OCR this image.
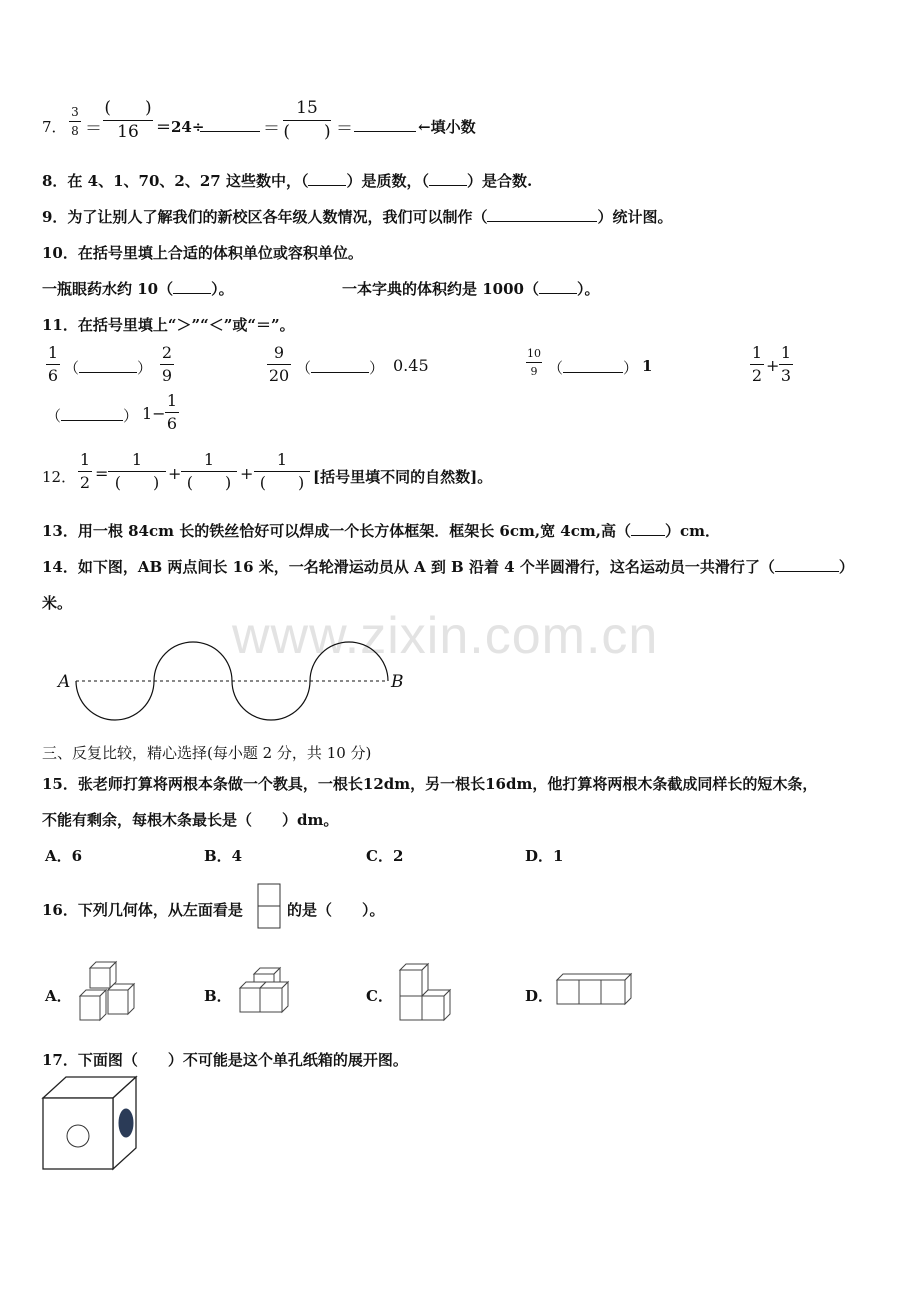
www.zixin.com.cn
7．
3
8 ＝
(　　)
16	＝24÷	＝
15
(　　) ＝	←填小数
8．在 4、1、70、2、27 这些数中，（	）是质数，（	）是合数.
9．为了让别人了解我们的新校区各年级人数情况，我们可以制作（	）统计图。
10．在括号里填上合适的体积单位或容积单位。
一瓶眼药水约 10（	）。	一本字典的体积约是 1000（	）。
11．在括号里填上“＞”“＜”或“＝”。
1
6 （	）
2
9
9
20 （	） 0.45
10
9 （	） 1
1
2
+
1
3
（	） 1−
1
6
12．
1
2 =
1
(　　) +
1
(　　) +
1
(　　) [括号里填不同的自然数]。
13．用一根 84cm 长的铁丝恰好可以焊成一个长方体框架．框架长 6cm,宽 4cm,高（ ）cm．
14．如下图，AB 两点间长 16 米，一名轮滑运动员从 A 到 B 沿着 4 个半圆滑行，这名运动员一共滑行了（	）
米。
A	B
三、反复比较，精心选择(每小题 2 分，共 10 分)
15．张老师打算将两根本条做一个教具，一根长12dm，另一根长16dm，他打算将两根木条截成同样长的短木条，
不能有剩余，每根木条最长是（　　）dm。
A．6	B．4	C．2	D．1
16．下列几何体，从左面看是	的是（　　）。
A．	B．	C．	D．
17．下面图（　　）不可能是这个单孔纸箱的展开图。
